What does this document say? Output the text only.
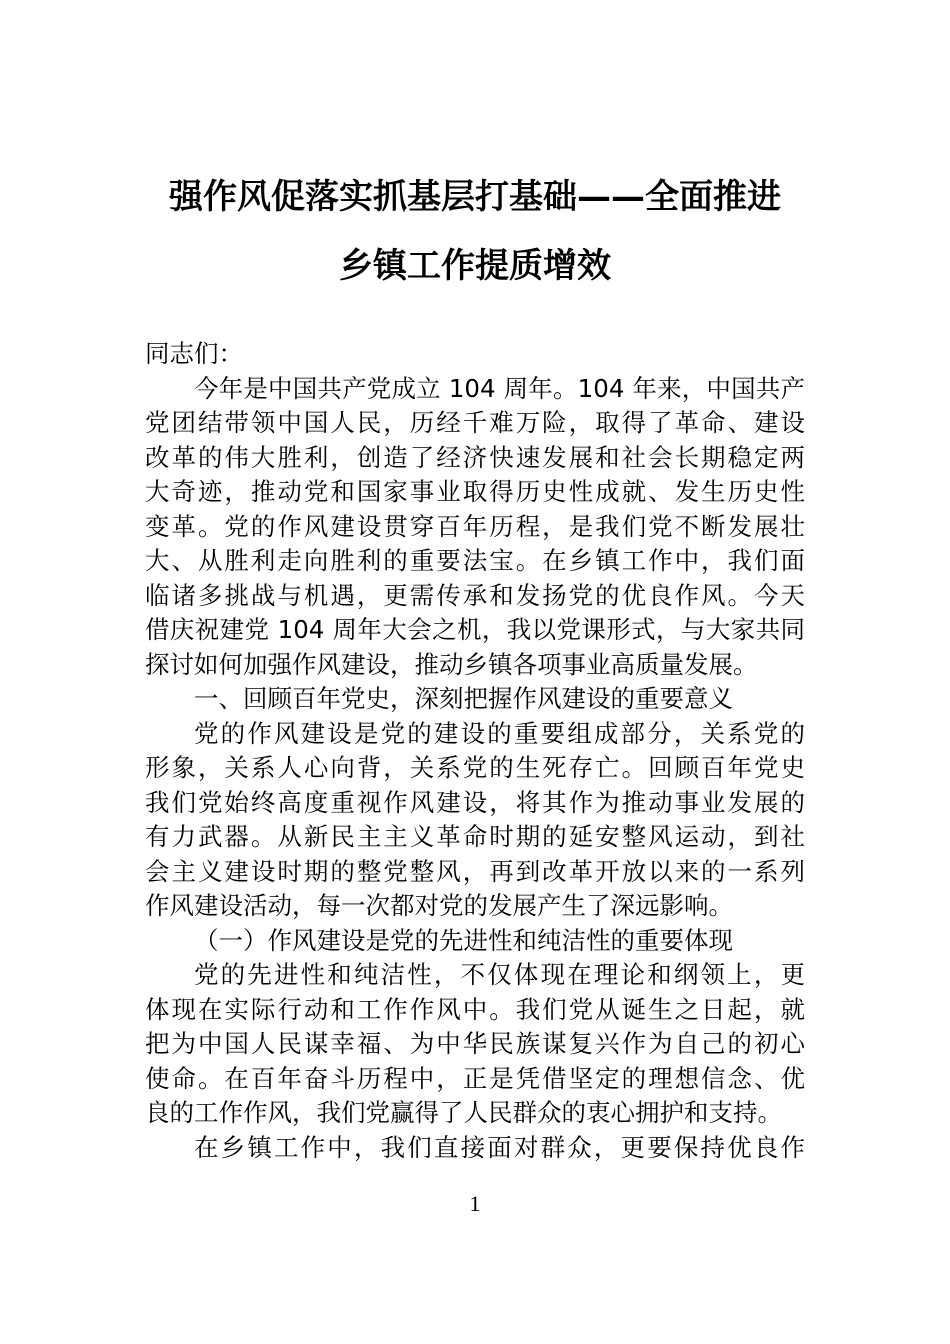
强作风促落实抓基层打基础——全面推进
乡镇工作提质增效
同志们：
今年是中国共产党成立 104 周年。104 年来，中国共产
党团结带领中国人民，历经千难万险，取得了革命、建设
改革的伟大胜利，创造了经济快速发展和社会长期稳定两
大奇迹，推动党和国家事业取得历史性成就、发生历史性
变革。党的作风建设贯穿百年历程，是我们党不断发展壮
大、从胜利走向胜利的重要法宝。在乡镇工作中，我们面
临诸多挑战与机遇，更需传承和发扬党的优良作风。今天
借庆祝建党 104 周年大会之机，我以党课形式，与大家共同
探讨如何加强作风建设，推动乡镇各项事业高质量发展。
一、回顾百年党史，深刻把握作风建设的重要意义
党的作风建设是党的建设的重要组成部分，关系党的
形象，关系人心向背，关系党的生死存亡。回顾百年党史
我们党始终高度重视作风建设，将其作为推动事业发展的
有力武器。从新民主主义革命时期的延安整风运动，到社
会主义建设时期的整党整风，再到改革开放以来的一系列
作风建设活动，每一次都对党的发展产生了深远影响。
（一）作风建设是党的先进性和纯洁性的重要体现
党的先进性和纯洁性，不仅体现在理论和纲领上，更
体现在实际行动和工作作风中。我们党从诞生之日起，就
把为中国人民谋幸福、为中华民族谋复兴作为自己的初心
使命。在百年奋斗历程中，正是凭借坚定的理想信念、优
良的工作作风，我们党赢得了人民群众的衷心拥护和支持。
在乡镇工作中，我们直接面对群众，更要保持优良作
1
